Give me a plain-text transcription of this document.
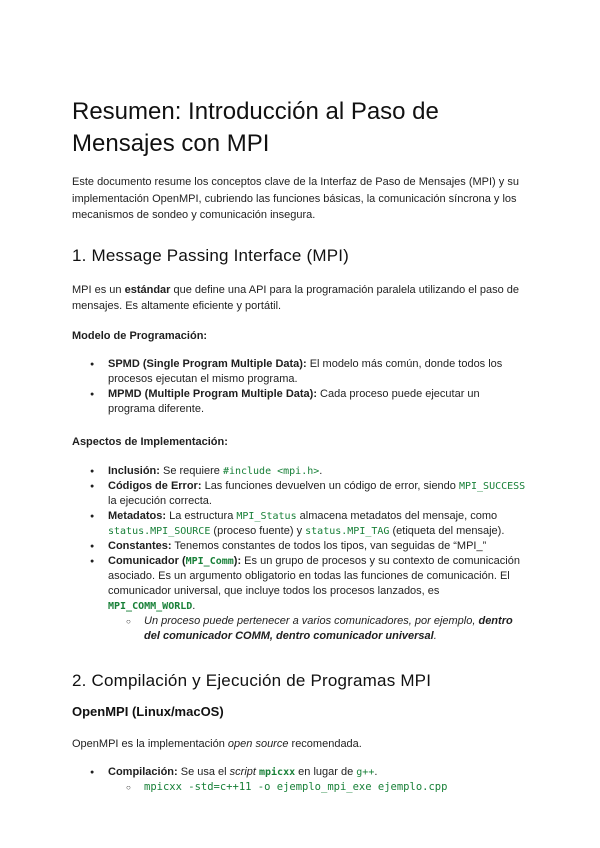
Resumen: Introducción al Paso de Mensajes con MPI

Este documento resume los conceptos clave de la Interfaz de Paso de Mensajes (MPI) y su implementación OpenMPI, cubriendo las funciones básicas, la comunicación síncrona y los mecanismos de sondeo y comunicación insegura.

1. Message Passing Interface (MPI)

MPI es un estándar que define una API para la programación paralela utilizando el paso de mensajes. Es altamente eficiente y portátil.

Modelo de Programación:

● SPMD (Single Program Multiple Data): El modelo más común, donde todos los procesos ejecutan el mismo programa.
● MPMD (Multiple Program Multiple Data): Cada proceso puede ejecutar un programa diferente.

Aspectos de Implementación:

● Inclusión: Se requiere #include <mpi.h>.
● Códigos de Error: Las funciones devuelven un código de error, siendo MPI_SUCCESS la ejecución correcta.
● Metadatos: La estructura MPI_Status almacena metadatos del mensaje, como status.MPI_SOURCE (proceso fuente) y status.MPI_TAG (etiqueta del mensaje).
● Constantes: Tenemos constantes de todos los tipos, van seguidas de “MPI_”
● Comunicador (MPI_Comm): Es un grupo de procesos y su contexto de comunicación asociado. Es un argumento obligatorio en todas las funciones de comunicación. El comunicador universal, que incluye todos los procesos lanzados, es MPI_COMM_WORLD.
○ Un proceso puede pertenecer a varios comunicadores, por ejemplo, dentro del comunicador COMM, dentro comunicador universal.
2. Compilación y Ejecución de Programas MPI
OpenMPI (Linux/macOS)

OpenMPI es la implementación open source recomendada.

● Compilación: Se usa el script mpicxx en lugar de g++.
○ mpicxx -std=c++11 -o ejemplo_mpi_exe ejemplo.cpp
